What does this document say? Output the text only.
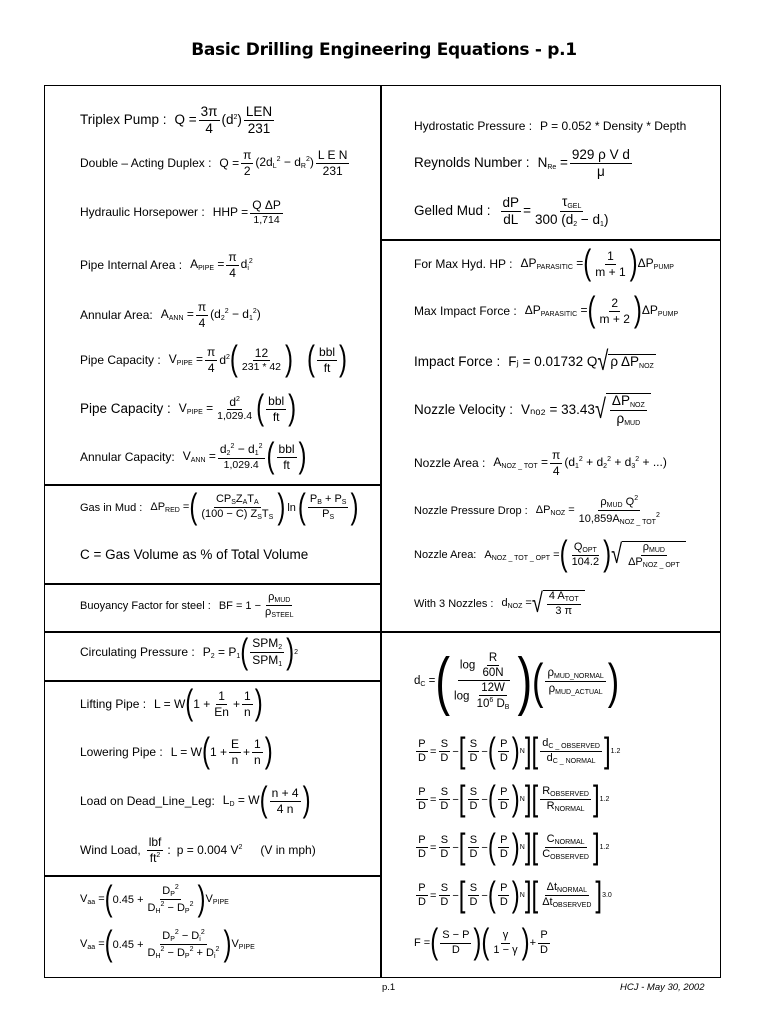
Basic Drilling Engineering Equations - p.1
Triplex Pump : $Q = \frac{3\pi}{4} (d^2)$
LEN
231
Double – Acting Duplex : $Q = \frac{\pi}{2} (2d_L^2 - d_R^2)$ L E N
231
Hydraulic Horsepower : HHP = $\frac{\text{Q ΔP}}{1,714}$
Pipe Internal Area : $A_{PIPE} = \frac{\pi}{4} d_i^2$
Annular Area: $A_{ANN} = \frac{\pi}{4} (d_2^2 - d_1^2)$
Pipe Capacity : $V_{PIPE} = \frac{\pi}{4} d^2$ ( 12
231 * 42 ) ( bbl
ft )
Pipe Capacity : $V_{PIPE} = \frac{d^2}{1,029.4}$ ( bbl
ft )
Annular Capacity: $V_{ANN} = \frac{d_2^2 - d_1^2}{1,029.4}$ ( bbl
ft )
Gas in Mud : $\Delta P_{RED}$ = ( $CP_SZ_AT_A$
(100 − C) $Z_ST_S$ ) ln ( $P_B + P_S$
$P_S$ )
C = Gas Volume as % of Total Volume
Buoyancy Factor for steel : BF = 1 −
$\rho_{MUD}$
$\rho_{STEEL}$
Circulating Pressure : $P_2 = P_1$ ( $SPM_2$
$SPM_1$ ) 2
Lifting Pipe : L = W ( $1 + \frac{1}{En} + \frac{1}{n}$ )
Lowering Pipe : L = W ( $1 + \frac{E}{n} + \frac{1}{n}$ )
Load on Dead_Line_Leg: $L_D = W$ ( n + 4
4 n )
Wind Load,
lbf
$ft^2$ : p = 0.004 $V^2$ (V in mph)
$V_{aa}$ = ( $0.45 + \frac{D_P^2}{D_H^2 - D_P^2}$ ) $V_{PIPE}$
$V_{aa}$ = ( $0.45 + \frac{D_P^2 - D_i^2}{D_H^2 - D_P^2 + D_i^2}$ ) $V_{PIPE}$
Hydrostatic Pressure : P = 0.052 * Density * Depth
Reynolds Number : $N_{Re} = \frac{\text{929 ρ V d}}{\mu}$
Gelled Mud : $\frac{dP}{dL}$ =
$\tau_{GEL}$
300 $(d_2 - d_1)$
For Max Hyd. HP : $\Delta P_{PARASITIC}$ = ( 1
m + 1 ) $\Delta P_{PUMP}$
Max Impact Force : $\Delta P_{PARASITIC}$ = ( 2
m + 2 ) $\Delta P_{PUMP}$
Impact Force : Fⱼ = 0.01732 Q √ ρ $\Delta P_{NOZ}$
Nozzle Velocity : Vₙₒ₂ = 33.43 √ $\Delta P_{NOZ}$
$\rho_{MUD}$
Nozzle Area : $A_{NOZ \_ TOT} = \frac{\pi}{4} (d_1^2 + d_2^2 + d_3^2$ + ...)
Nozzle Pressure Drop : $\Delta P_{NOZ}$ =
$\rho_{MUD}$ $Q^2$
$10,859A_{NOZ \_ TOT}^2$
Nozzle Area: $A_{NOZ \_ TOT \_ OPT}$ = ( $Q_{OPT}$
104.2 ) √ $\rho_{MUD}$
$\Delta P_{NOZ \_ OPT}$
With 3 Nozzles : $d_{NOZ}$ = √ 4 $A_{TOT}$
3 π
$d_C$ = ( $\log \frac{R}{60N}$
$\log \frac{12W}{10^6 D_B}$ ) ( $\rho_{MUD\_NORMAL}$
$\rho_{MUD\_ACTUAL}$ )
$\frac{P}{D} = \frac{S}{D}$ − [ S
D
− ( P
D ) N ] [ $d_{C \_ OBSERVED}$
$d_{C \_ NORMAL}$ ] 1.2
$\frac{P}{D} = \frac{S}{D}$ − [ S
D
− ( P
D ) N ] [ $R_{OBSERVED}$
$R_{NORMAL}$ ] 1.2
$\frac{P}{D} = \frac{S}{D}$ − [ S
D
− ( P
D ) N ] [ $C_{NORMAL}$
$C_{OBSERVED}$ ] 1.2
$\frac{P}{D} = \frac{S}{D}$ − [ S
D
− ( P
D ) N ] [ $\Delta t_{NORMAL}$
$\Delta t_{OBSERVED}$ ] 3.0
F = ( S − P
D ) ( γ
1 − γ ) + $\frac{P}{D}$
p.1	HCJ - May 30, 2002
